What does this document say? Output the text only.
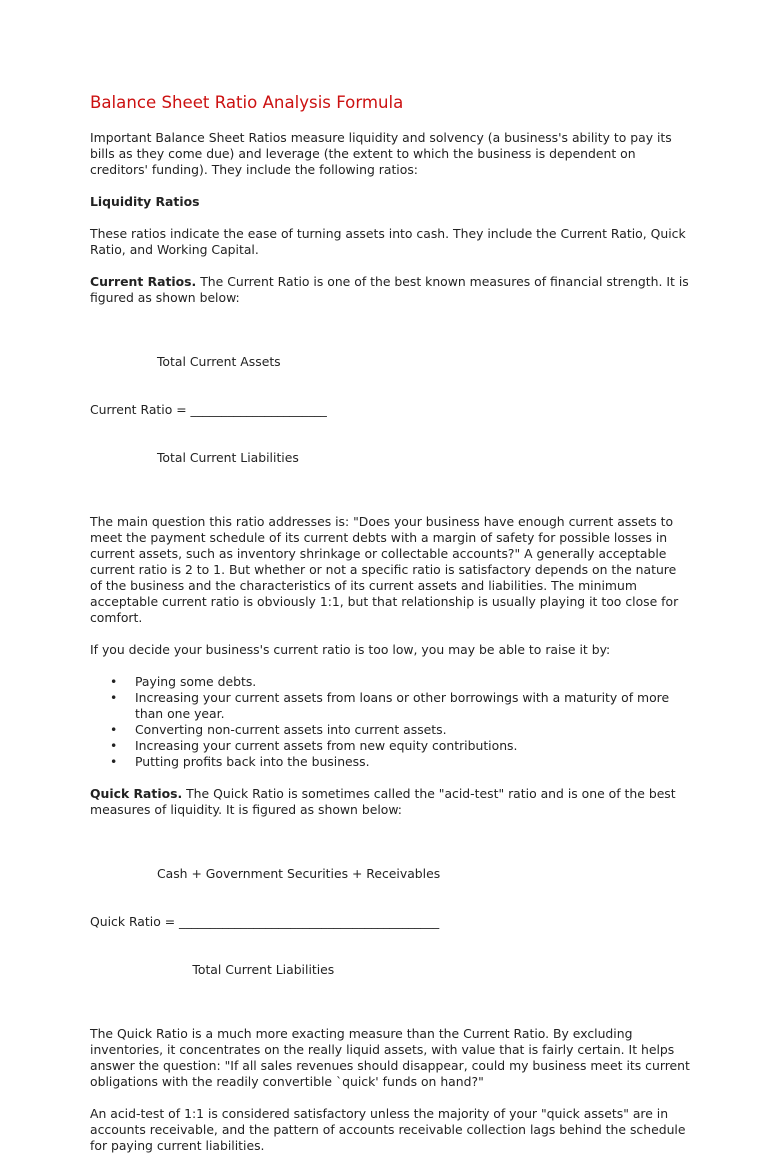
Balance Sheet Ratio Analysis Formula

Important Balance Sheet Ratios measure liquidity and solvency (a business's ability to pay its bills as they come due) and leverage (the extent to which the business is dependent on creditors' funding). They include the following ratios:

Liquidity Ratios

These ratios indicate the ease of turning assets into cash. They include the Current Ratio, Quick Ratio, and Working Capital.

Current Ratios. The Current Ratio is one of the best known measures of financial strength. It is figured as shown below:

Total Current Assets

Current Ratio = ______________________

Total Current Liabilities

The main question this ratio addresses is: "Does your business have enough current assets to meet the payment schedule of its current debts with a margin of safety for possible losses in current assets, such as inventory shrinkage or collectable accounts?" A generally acceptable current ratio is 2 to 1. But whether or not a specific ratio is satisfactory depends on the nature of the business and the characteristics of its current assets and liabilities. The minimum acceptable current ratio is obviously 1:1, but that relationship is usually playing it too close for comfort.

If you decide your business's current ratio is too low, you may be able to raise it by:

• Paying some debts.
• Increasing your current assets from loans or other borrowings with a maturity of more than one year.
• Converting non-current assets into current assets.
• Increasing your current assets from new equity contributions.
• Putting profits back into the business.

Quick Ratios. The Quick Ratio is sometimes called the "acid-test" ratio and is one of the best measures of liquidity. It is figured as shown below:

Cash + Government Securities + Receivables

Quick Ratio = __________________________________________

Total Current Liabilities

The Quick Ratio is a much more exacting measure than the Current Ratio. By excluding inventories, it concentrates on the really liquid assets, with value that is fairly certain. It helps answer the question: "If all sales revenues should disappear, could my business meet its current obligations with the readily convertible `quick' funds on hand?"

An acid-test of 1:1 is considered satisfactory unless the majority of your "quick assets" are in accounts receivable, and the pattern of accounts receivable collection lags behind the schedule for paying current liabilities.
